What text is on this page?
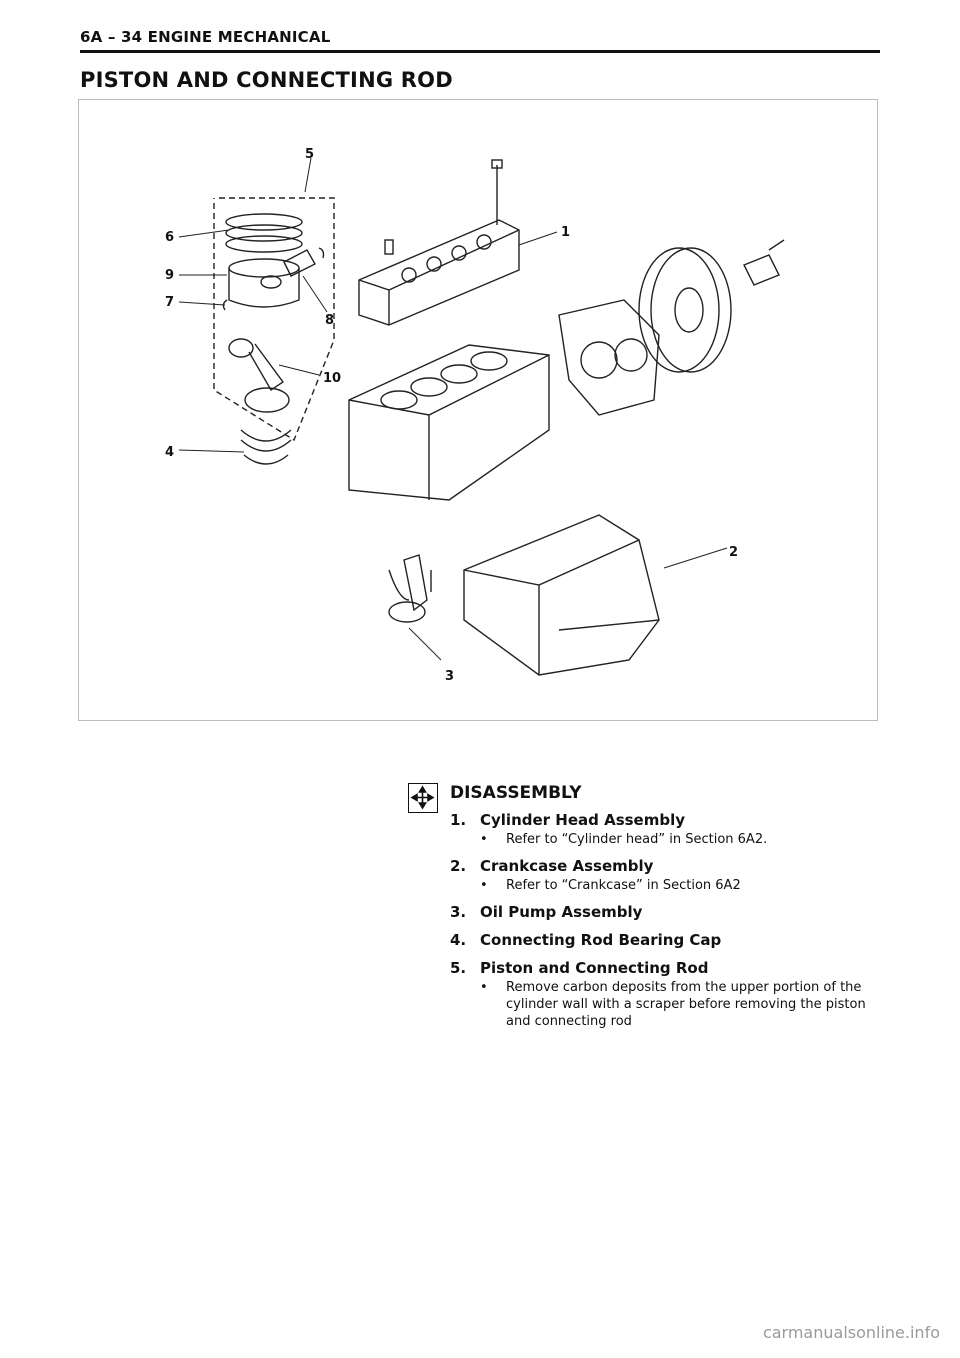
6A – 34 ENGINE MECHANICAL
PISTON AND CONNECTING ROD
5
6
9
7
8
10
4
1
2
3
DISASSEMBLY
1. Cylinder Head Assembly
•	Refer to “Cylinder head” in Section 6A2.
2. Crankcase Assembly
•	Refer to “Crankcase” in Section 6A2
3. Oil Pump Assembly
4. Connecting Rod Bearing Cap
5. Piston and Connecting Rod
•	Remove carbon deposits from the upper portion of the cylinder wall with a scraper before removing the piston and connecting rod
carmanualsonline.info
